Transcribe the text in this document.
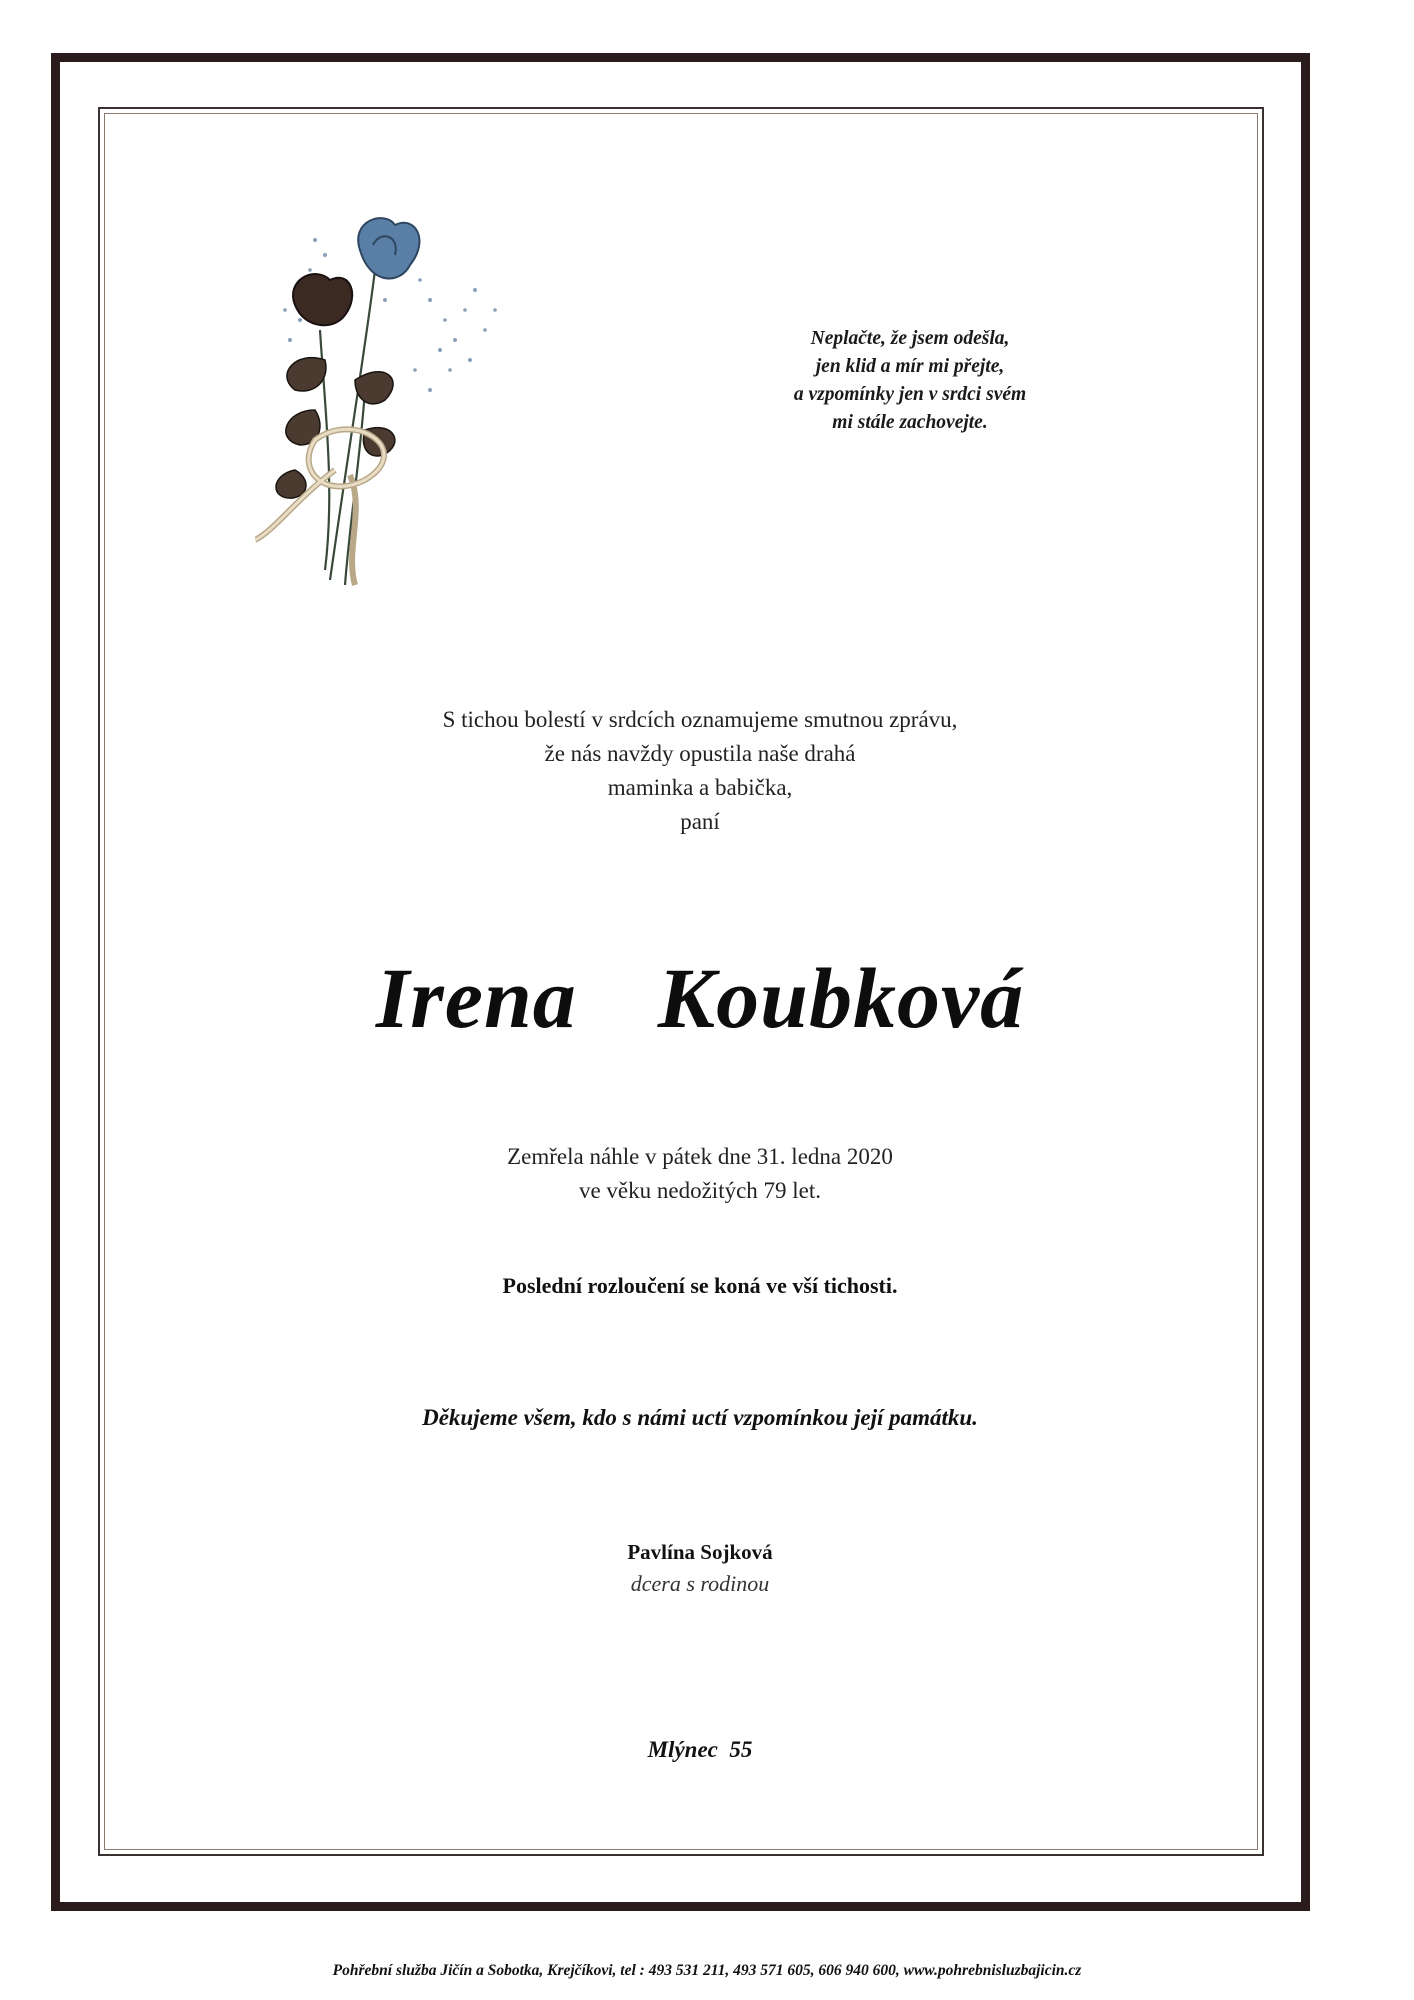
Neplačte, že jsem odešla,
jen klid a mír mi přejte,
a vzpomínky jen v srdci svém
mi stále zachovejte.
S tichou bolestí v srdcích oznamujeme smutnou zprávu,
že nás navždy opustila naše drahá
maminka a babička,
paní
Irena  Koubková
Zemřela náhle v pátek dne 31. ledna 2020
ve věku nedožitých 79 let.
Poslední rozloučení se koná ve vší tichosti.
Děkujeme všem, kdo s námi uctí vzpomínkou její památku.
Pavlína Sojková
dcera s rodinou
Mlýnec  55
Pohřební služba Jičín a Sobotka, Krejčíkovi, tel : 493 531 211, 493 571 605, 606 940 600, www.pohrebnisluzbajicin.cz
